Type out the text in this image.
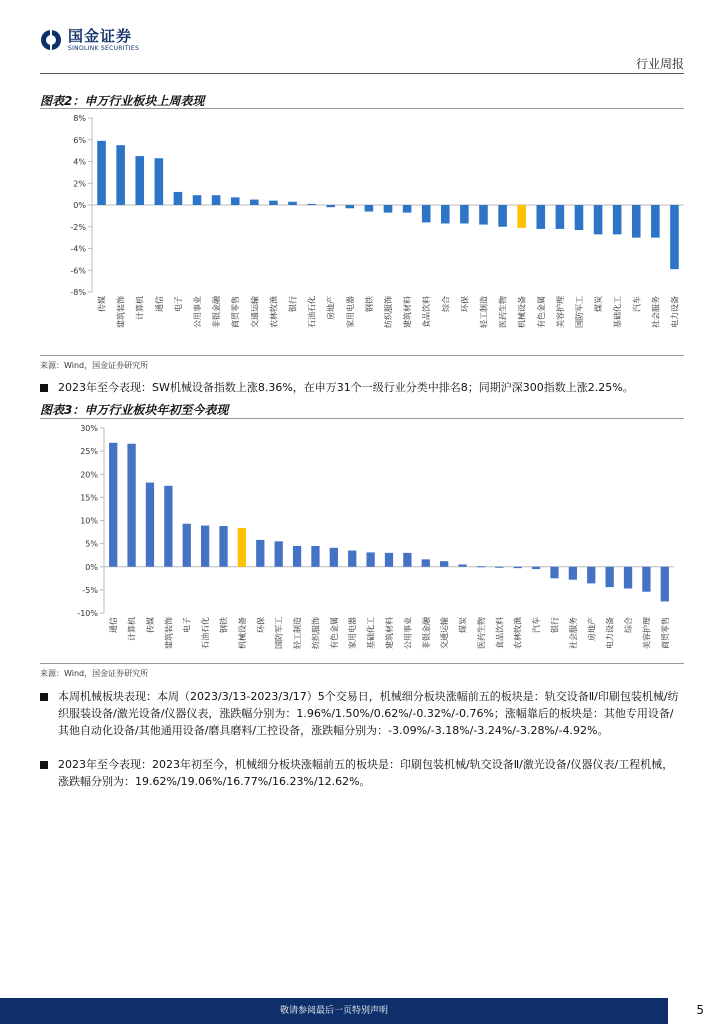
国金证券
SINOLINK SECURITIES
行业周报
图表2：申万行业板块上周表现
-8%
-6%
-4%
-2%
0%
2%
4%
6%
8%
传媒 建筑装饰 计算机 通信 电子 公用事业 非银金融 商贸零售 交通运输 农林牧渔 银行 石油石化 房地产 家用电器 钢铁 纺织服饰 建筑材料 食品饮料 综合 环保 轻工制造 医药生物 机械设备 有色金属 美容护理 国防军工 煤炭 基础化工 汽车 社会服务 电力设备
来源：Wind，国金证券研究所
2023年至今表现：SW机械设备指数上涨8.36%，在申万31个一级行业分类中排名8；同期沪深300指数上涨2.25%。
图表3：申万行业板块年初至今表现
-10%
-5%
0%
5%
10%
15%
20%
25%
30%
通信 计算机 传媒 建筑装饰 电子 石油石化 钢铁 机械设备 环保 国防军工 轻工制造 纺织服饰 有色金属 家用电器 基础化工 建筑材料 公用事业 非银金融 交通运输 煤炭 医药生物 食品饮料 农林牧渔 汽车 银行 社会服务 房地产 电力设备 综合 美容护理 商贸零售
来源：Wind，国金证券研究所
本周机械板块表现：本周（2023/3/13-2023/3/17）5个交易日，机械细分板块涨幅前五的板块是：轨交设备Ⅱ/印刷包装机械/纺织服装设备/激光设备/仪器仪表，涨跌幅分别为：1.96%/1.50%/0.62%/-0.32%/-0.76%；涨幅靠后的板块是：其他专用设备/其他自动化设备/其他通用设备/磨具磨料/工控设备，涨跌幅分别为：-3.09%/-3.18%/-3.24%/-3.28%/-4.92%。
2023年至今表现：2023年初至今，机械细分板块涨幅前五的板块是：印刷包装机械/轨交设备Ⅱ/激光设备/仪器仪表/工程机械，涨跌幅分别为：19.62%/19.06%/16.77%/16.23%/12.62%。
敬请参阅最后一页特别声明	5
